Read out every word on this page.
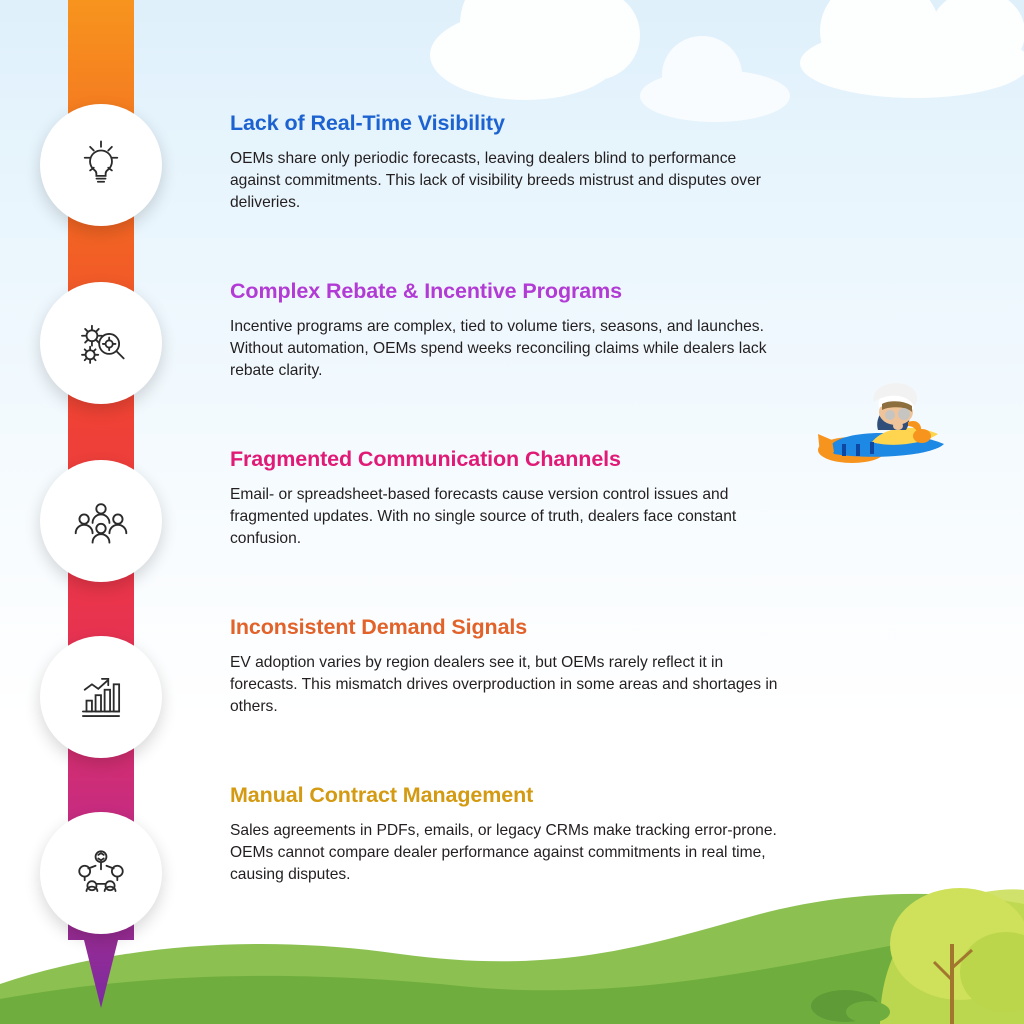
Lack of Real-Time Visibility

OEMs share only periodic forecasts, leaving dealers blind to performance against commitments. This lack of visibility breeds mistrust and disputes over deliveries.

Complex Rebate & Incentive Programs

Incentive programs are complex, tied to volume tiers, seasons, and launches. Without automation, OEMs spend weeks reconciling claims while dealers lack rebate clarity.

Fragmented Communication Channels

Email- or spreadsheet-based forecasts cause version control issues and fragmented updates. With no single source of truth, dealers face constant confusion.

Inconsistent Demand Signals

EV adoption varies by region dealers see it, but OEMs rarely reflect it in forecasts. This mismatch drives overproduction in some areas and shortages in others.

Manual Contract Management

Sales agreements in PDFs, emails, or legacy CRMs make tracking error-prone. OEMs cannot compare dealer performance against commitments in real time, causing disputes.
